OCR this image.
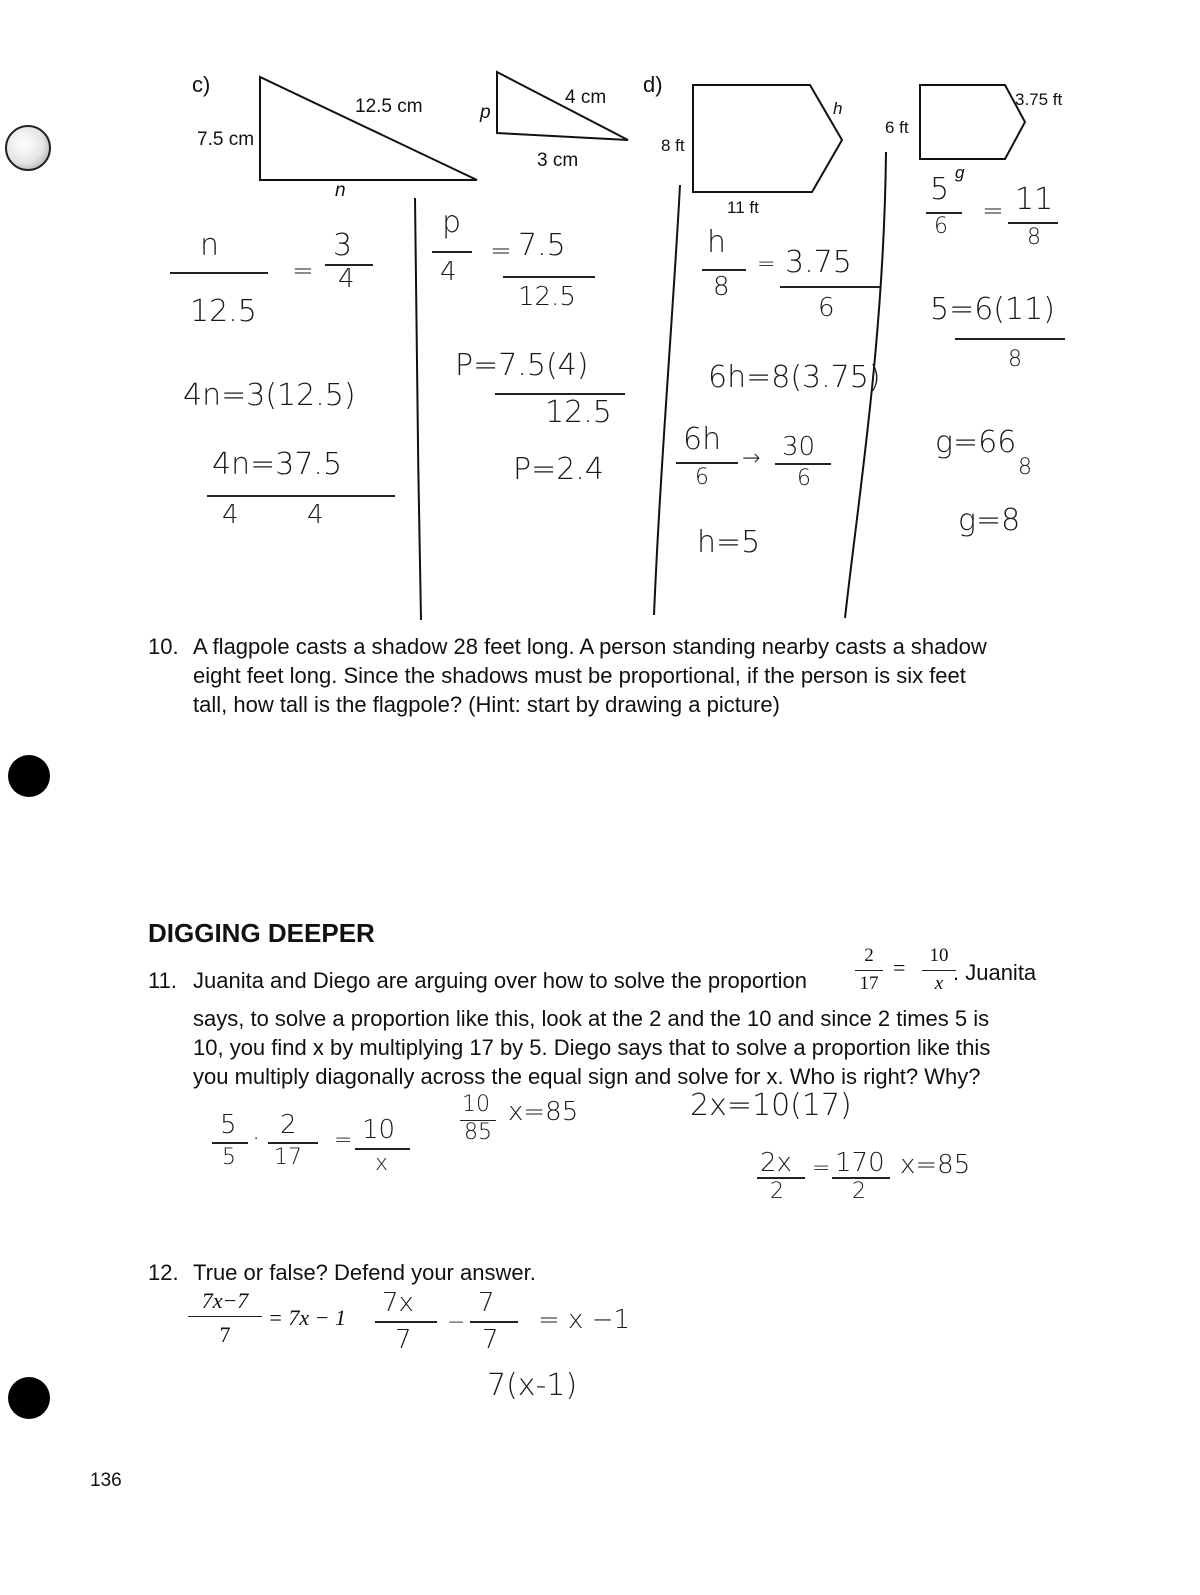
c)
7.5 cm
12.5 cm
n
p
4 cm
3 cm
n
12.5
=
3
4
4n=3(12.5)
4n=37.5
4	4
p
4
= 7.5
12.5
P=7.5(4)
12.5
P=2.4
d)
8 ft
h
11 ft
6 ft
3.75 ft
g
h
8
= 3.75
6
6h=8(3.75)
6h
6
→ 30
6
h=5
5
6
= 11
8
5=6(11)
8
g=66
8
g=8
10. A flagpole casts a shadow 28 feet long. A person standing nearby casts a shadow
eight feet long. Since the shadows must be proportional, if the person is six feet
tall, how tall is the flagpole? (Hint: start by drawing a picture)
DIGGING DEEPER
11. Juanita and Diego are arguing over how to solve the proportion
2
17
=	10
x . Juanita
says, to solve a proportion like this, look at the 2 and the 10 and since 2 times 5 is
10, you find x by multiplying 17 by 5. Diego says that to solve a proportion like this
you multiply diagonally across the equal sign and solve for x. Who is right? Why?
5
5
· 2
17
= 10
x
10
85
x=85	2x=10(17)
2x
2
= 170
2
x=85
12. True or false? Defend your answer.
7x−7
7
= 7x − 1 7x
7
−
7
7
= x −1
7(x-1)
136
